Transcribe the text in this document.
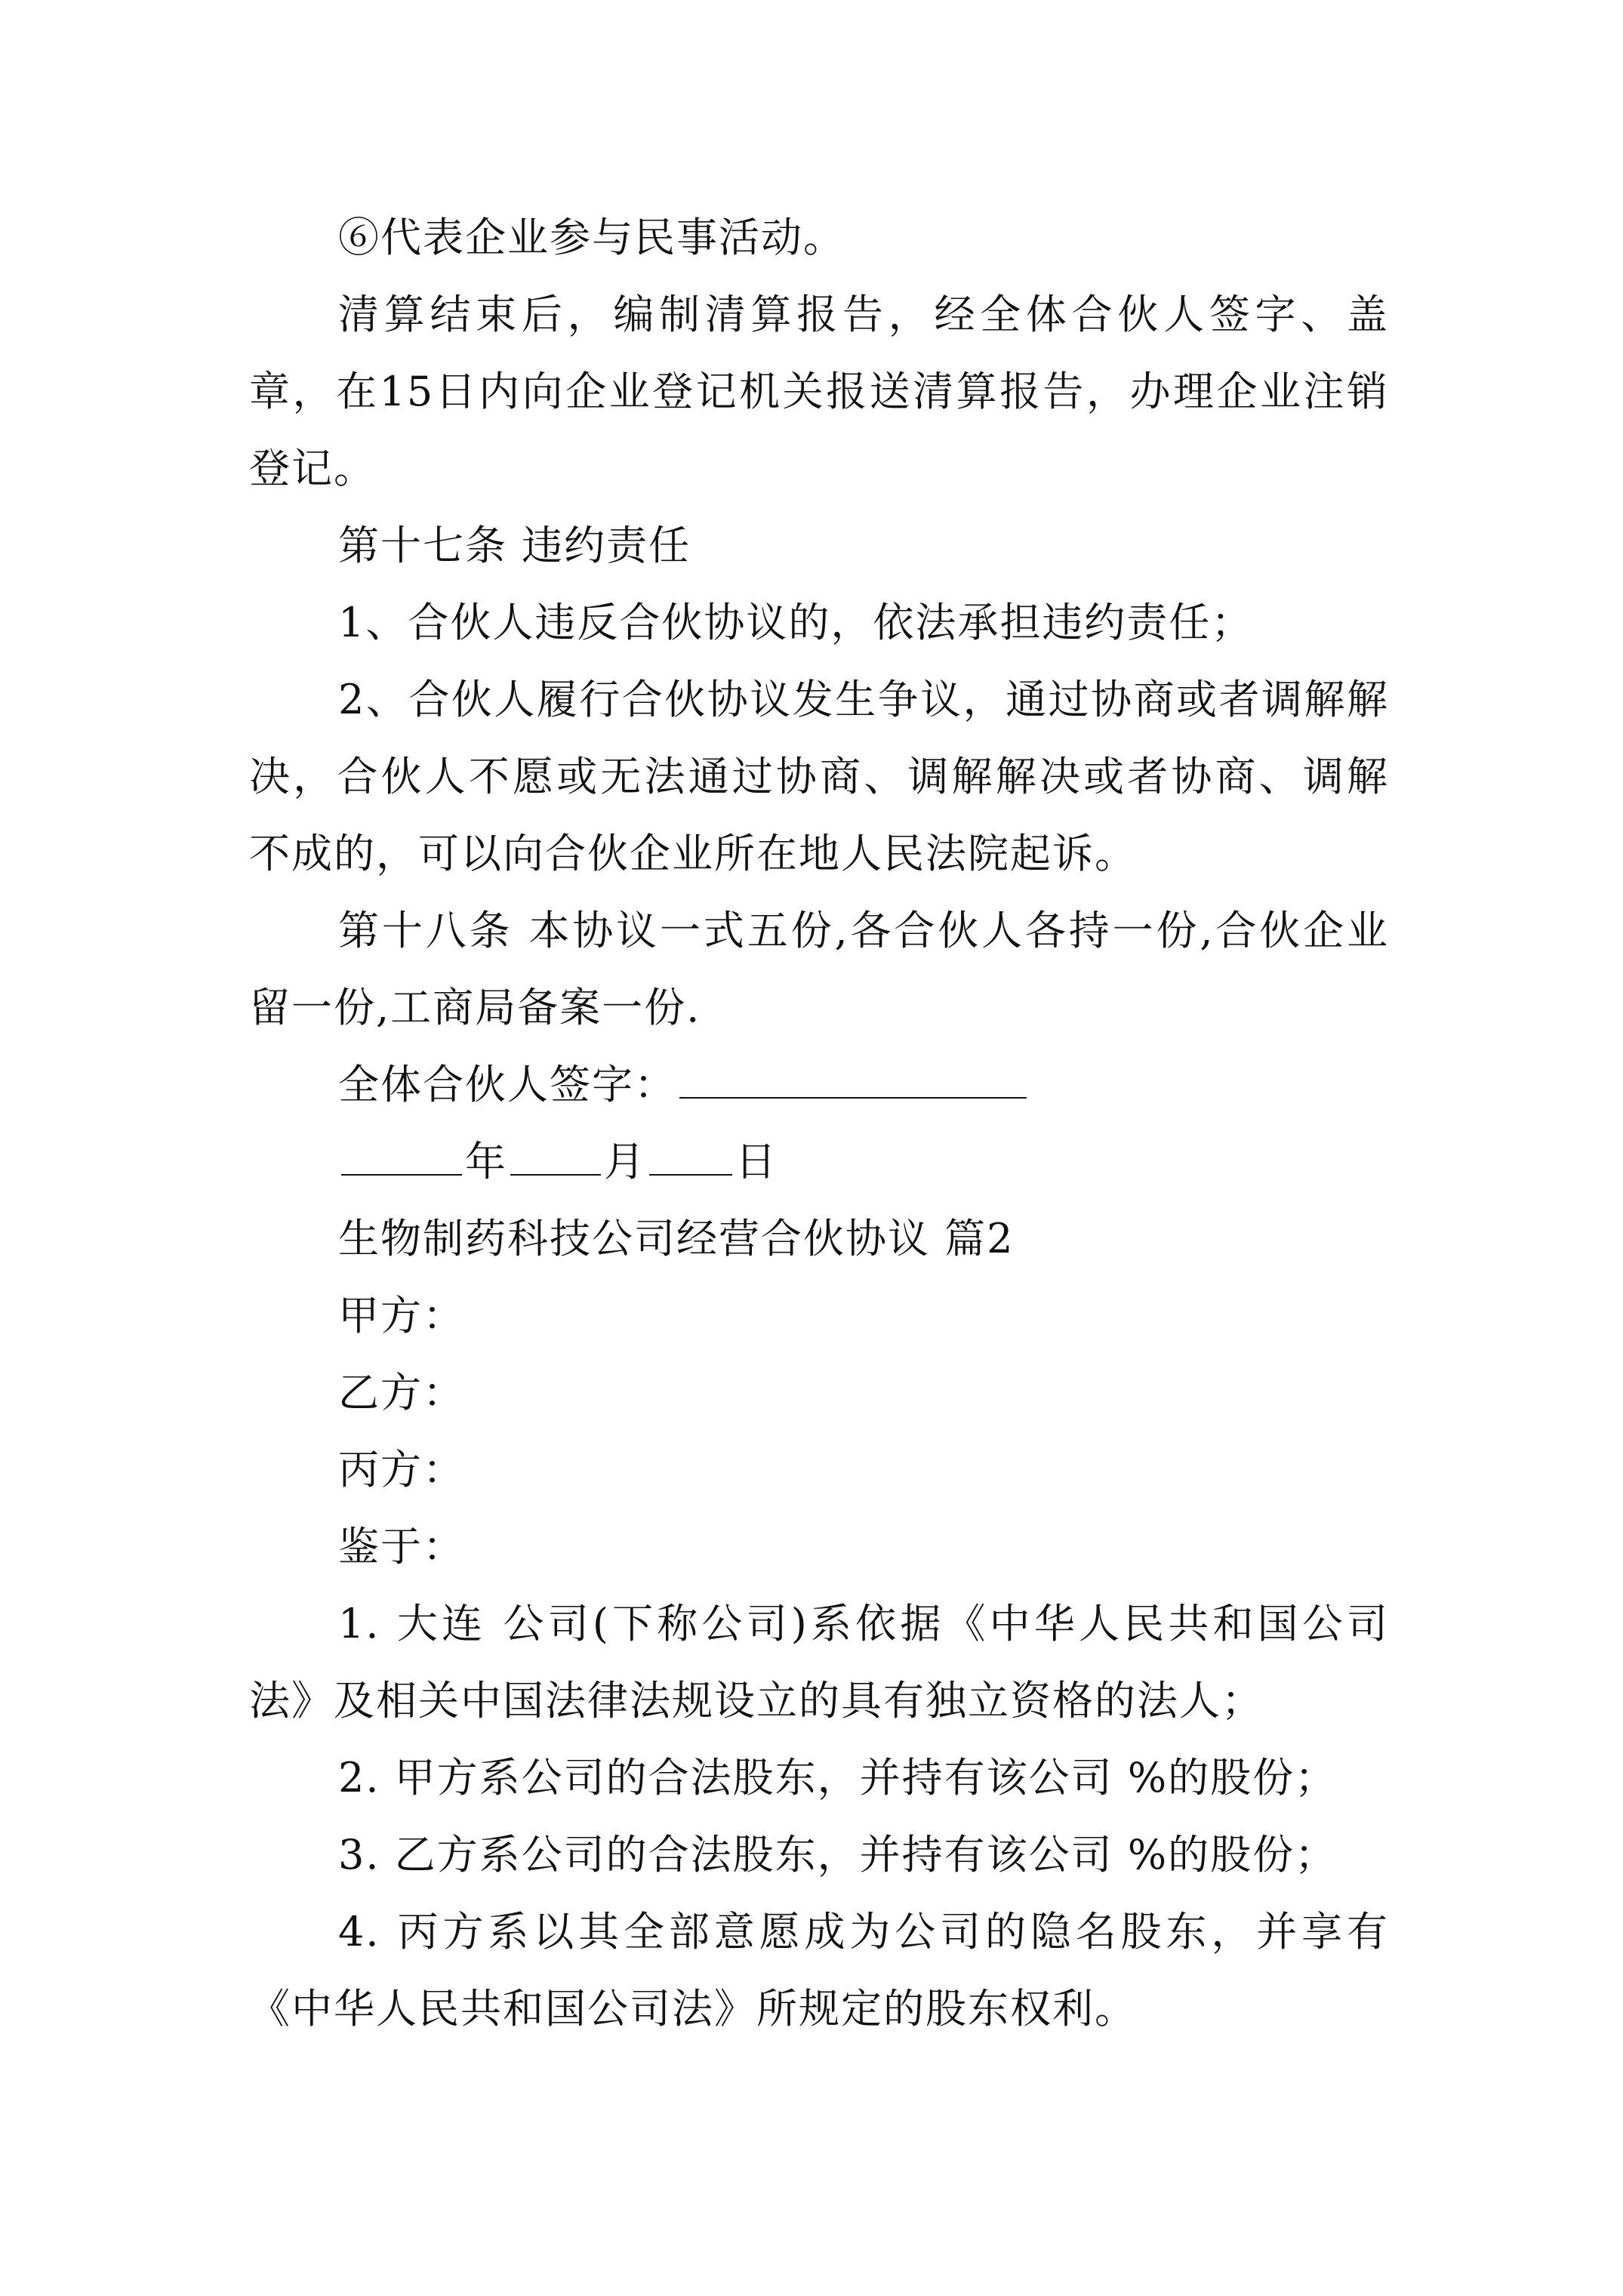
⑥代表企业参与民事活动。

清算结束后，编制清算报告，经全体合伙人签字、盖章，在15日内向企业登记机关报送清算报告，办理企业注销登记。

第十七条 违约责任

1、合伙人违反合伙协议的，依法承担违约责任；

2、合伙人履行合伙协议发生争议，通过协商或者调解解决，合伙人不愿或无法通过协商、调解解决或者协商、调解不成的，可以向合伙企业所在地人民法院起诉。

第十八条 本协议一式五份,各合伙人各持一份,合伙企业留一份,工商局备案一份.

全体合伙人签字：

年 月 日

生物制药科技公司经营合伙协议 篇2

甲方：

乙方：

丙方：

鉴于：

1. 大连 公司(下称公司)系依据《中华人民共和国公司法》及相关中国法律法规设立的具有独立资格的法人；

2. 甲方系公司的合法股东，并持有该公司 %的股份；

3. 乙方系公司的合法股东，并持有该公司 %的股份；

4. 丙方系以其全部意愿成为公司的隐名股东，并享有《中华人民共和国公司法》所规定的股东权利。
